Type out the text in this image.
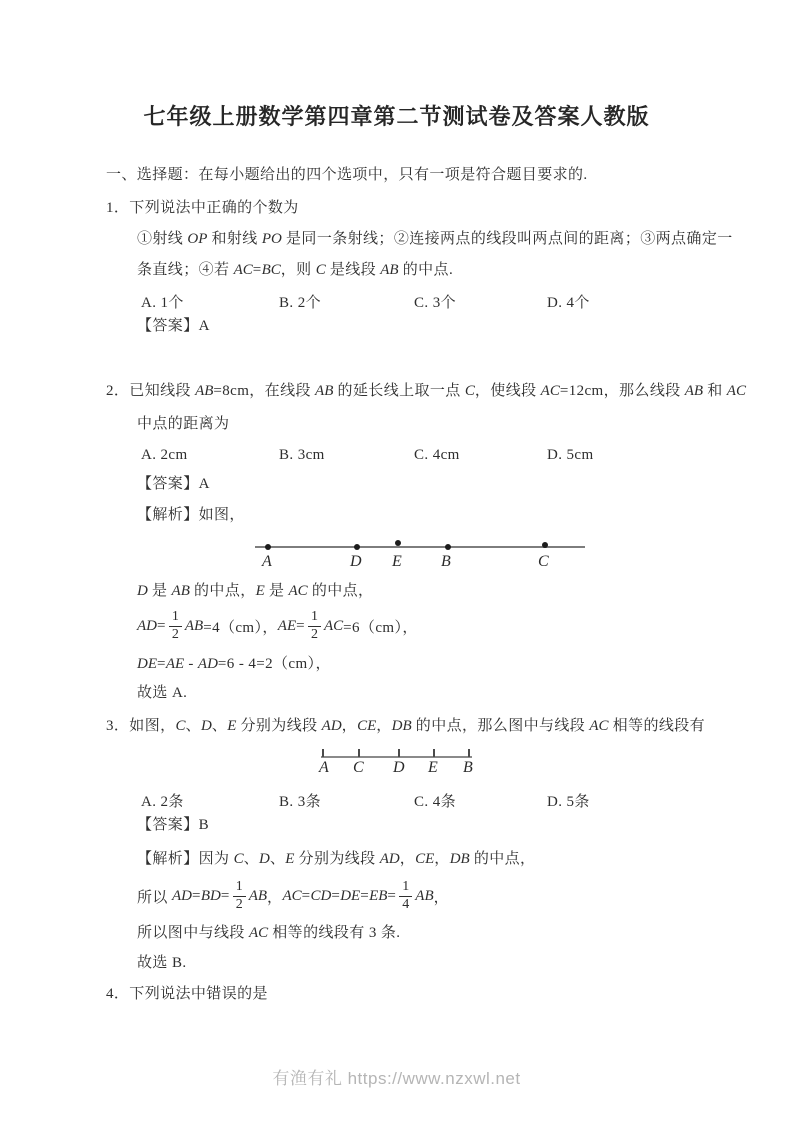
七年级上册数学第四章第二节测试卷及答案人教版
一、选择题：在每小题给出的四个选项中，只有一项是符合题目要求的.
1．下列说法中正确的个数为
①射线 OP 和射线 PO 是同一条射线；②连接两点的线段叫两点间的距离；③两点确定一
条直线；④若 AC=BC，则 C 是线段 AB 的中点.
A. 1个	B. 2个	C. 3个	D. 4个
【答案】A
2．已知线段 AB=8cm，在线段 AB 的延长线上取一点 C，使线段 AC=12cm，那么线段 AB 和 AC
中点的距离为
A. 2cm	B. 3cm	C. 4cm	D. 5cm
【答案】A
【解析】如图，
A	D E B	C
D 是 AB 的中点，E 是 AC 的中点，
AD = $\frac{1}{2}$ AB =4（cm）， AE = $\frac{1}{2}$ AC =6（cm），
DE=AE - AD=6 - 4=2（cm），
故选 A.
3．如图，C、D、E 分别为线段 AD，CE，DB 的中点，那么图中与线段 AC 相等的线段有
A C D E B
A. 2条	B. 3条	C. 4条	D. 5条
【答案】B
【解析】因为 C、D、E 分别为线段 AD，CE，DB 的中点，
所以 AD = BD = $\frac{1}{2}$ AB ， AC = CD = DE = EB = $\frac{1}{4}$ AB ，
所以图中与线段 AC 相等的线段有 3 条.
故选 B.
4．下列说法中错误的是
有渔有礼 https://www.nzxwl.net
